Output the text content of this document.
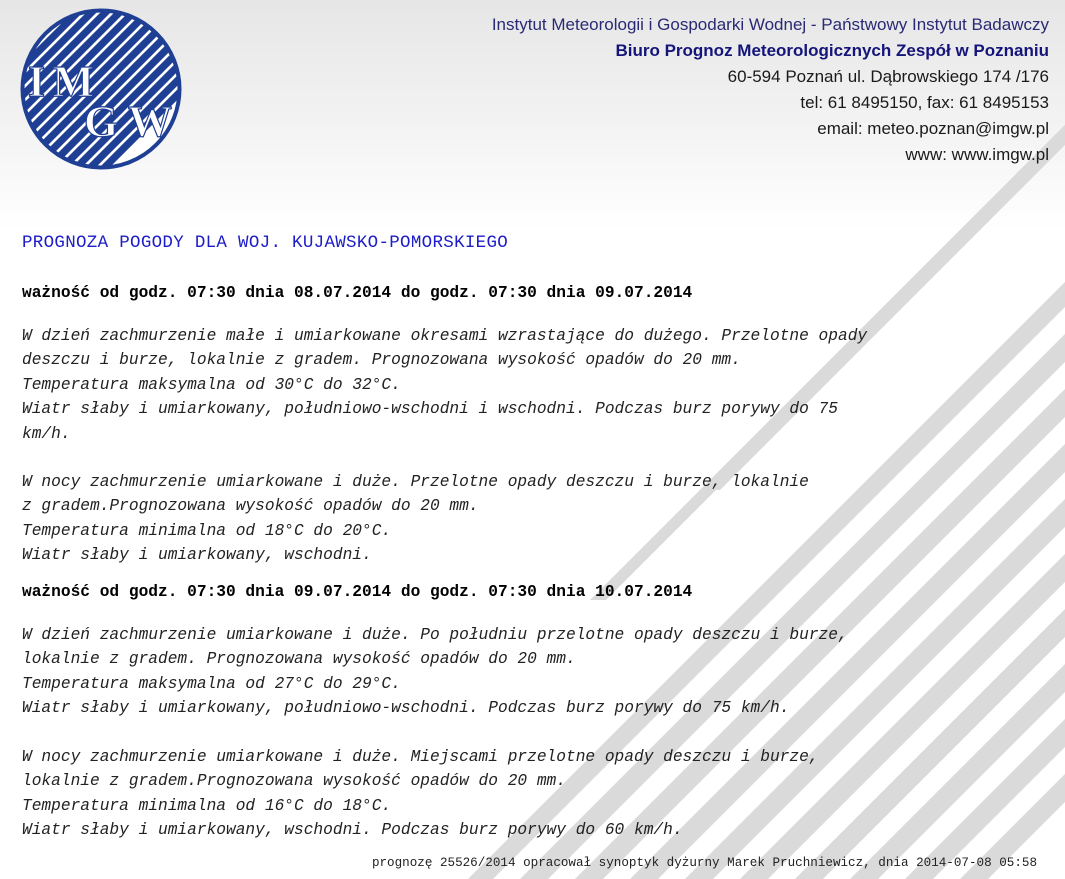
IM
GW
Instytut Meteorologii i Gospodarki Wodnej - Państwowy Instytut Badawczy
Biuro Prognoz Meteorologicznych Zespół w Poznaniu
60-594 Poznań ul. Dąbrowskiego 174 /176
tel: 61 8495150, fax: 61 8495153
email: meteo.poznan@imgw.pl
www: www.imgw.pl
PROGNOZA POGODY DLA WOJ. KUJAWSKO-POMORSKIEGO

ważność od godz. 07:30 dnia 08.07.2014 do godz. 07:30 dnia 09.07.2014

W dzień zachmurzenie małe i umiarkowane okresami wzrastające do dużego. Przelotne opady
deszczu i burze, lokalnie z gradem. Prognozowana wysokość opadów do 20 mm.
Temperatura maksymalna od 30°C do 32°C.
Wiatr słaby i umiarkowany, południowo-wschodni i wschodni. Podczas burz porywy do 75
km/h.
W nocy zachmurzenie umiarkowane i duże. Przelotne opady deszczu i burze, lokalnie
z gradem.Prognozowana wysokość opadów do 20 mm.
Temperatura minimalna od 18°C do 20°C.
Wiatr słaby i umiarkowany, wschodni.

ważność od godz. 07:30 dnia 09.07.2014 do godz. 07:30 dnia 10.07.2014

W dzień zachmurzenie umiarkowane i duże. Po południu przelotne opady deszczu i burze,
lokalnie z gradem. Prognozowana wysokość opadów do 20 mm.
Temperatura maksymalna od 27°C do 29°C.
Wiatr słaby i umiarkowany, południowo-wschodni. Podczas burz porywy do 75 km/h.
W nocy zachmurzenie umiarkowane i duże. Miejscami przelotne opady deszczu i burze,
lokalnie z gradem.Prognozowana wysokość opadów do 20 mm.
Temperatura minimalna od 16°C do 18°C.
Wiatr słaby i umiarkowany, wschodni. Podczas burz porywy do 60 km/h.
prognozę 25526/2014 opracował synoptyk dyżurny Marek Pruchniewicz, dnia 2014-07-08 05:58
